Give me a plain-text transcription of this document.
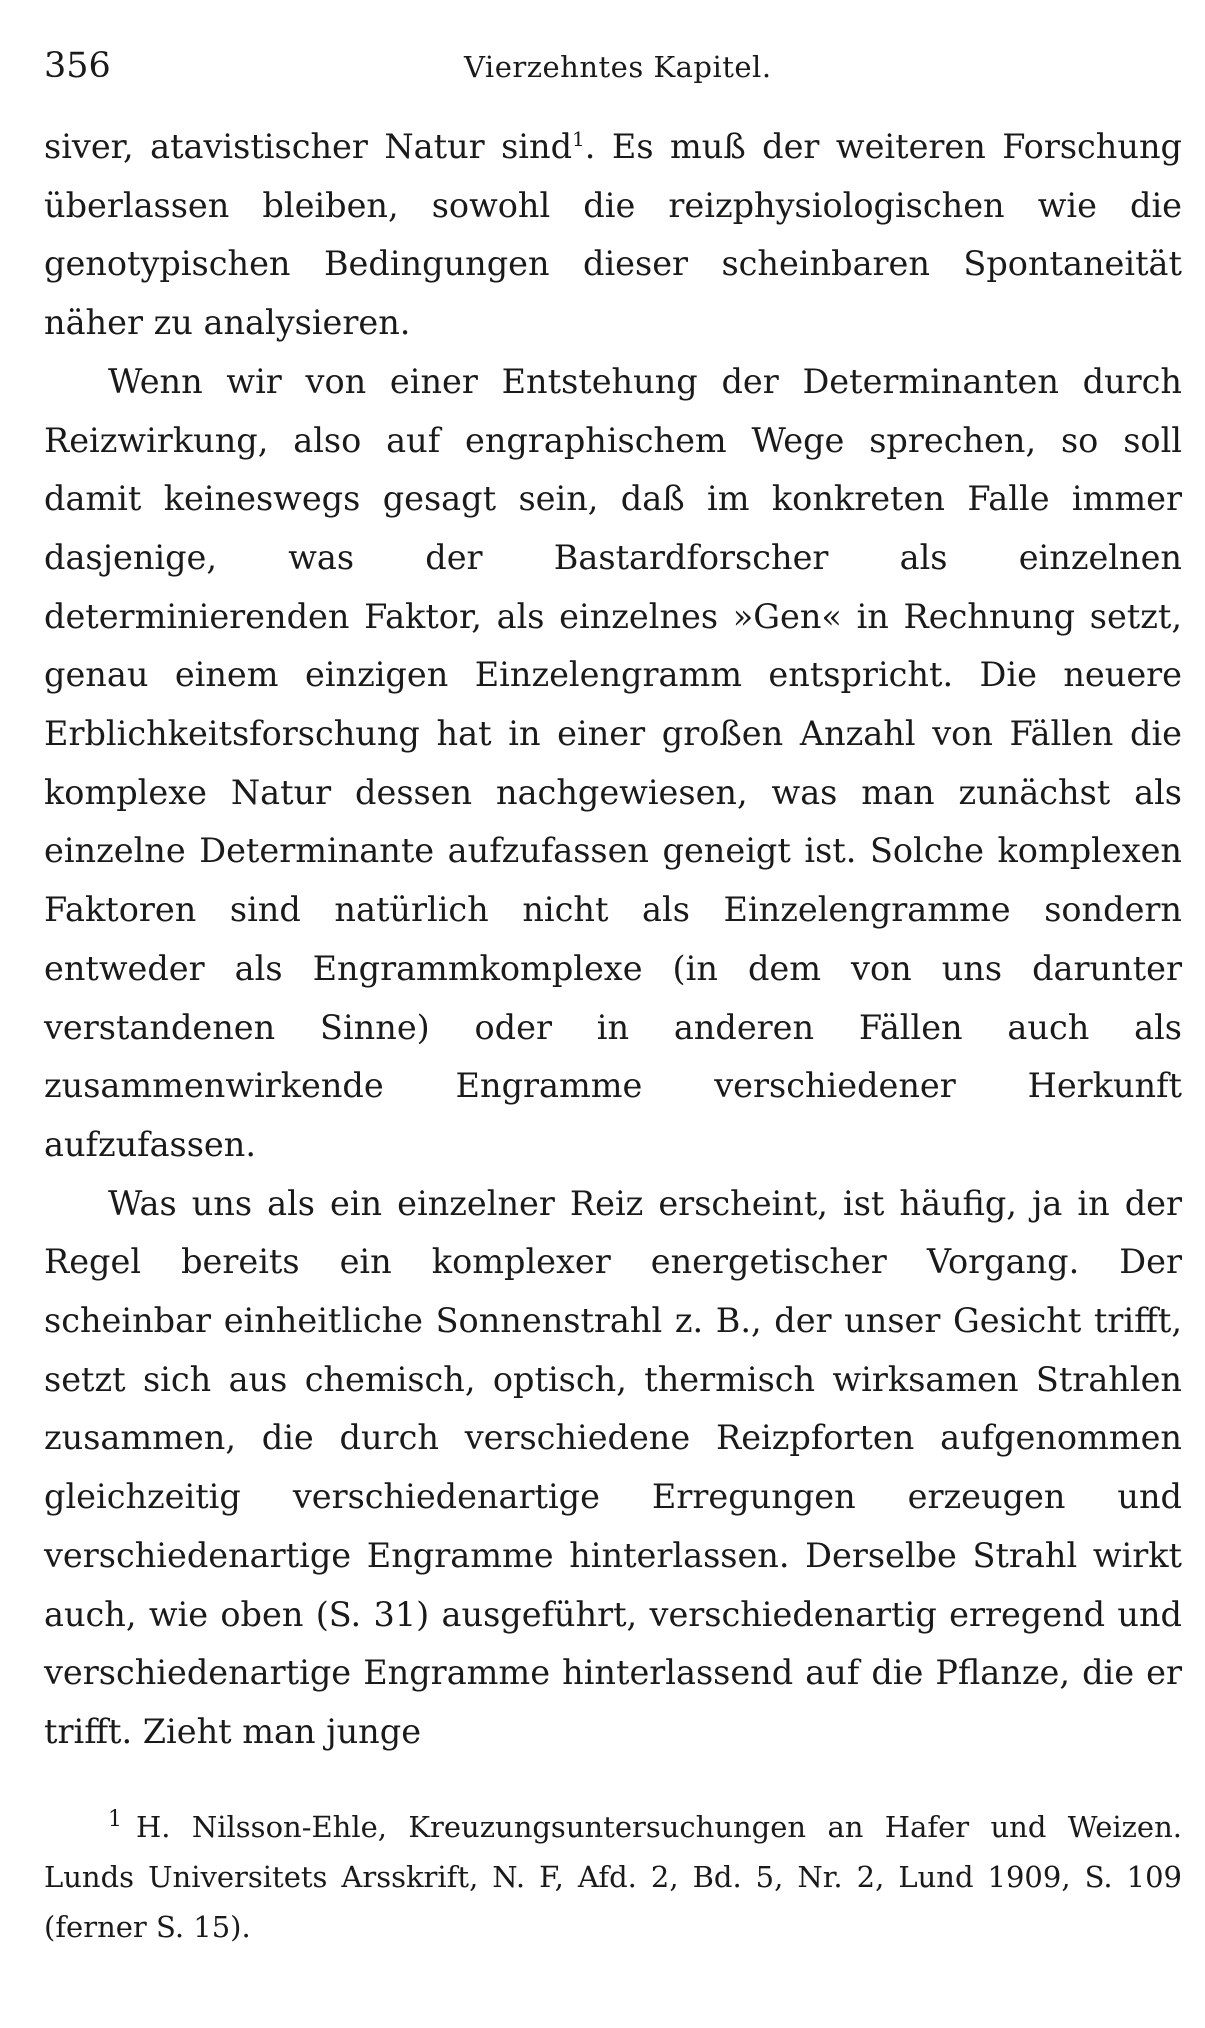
356	Vierzehntes Kapitel.

siver, atavistischer Natur sind$^1$. Es muß der weiteren Forschung überlassen bleiben, sowohl die reizphysiologischen wie die genotypischen Bedingungen dieser scheinbaren Spontaneität näher zu analysieren.

Wenn wir von einer Entstehung der Determinanten durch Reizwirkung, also auf engraphischem Wege sprechen, so soll damit keineswegs gesagt sein, daß im konkreten Falle immer dasjenige, was der Bastardforscher als einzelnen determinierenden Faktor, als einzelnes »Gen« in Rechnung setzt, genau einem einzigen Einzelengramm entspricht. Die neuere Erblichkeitsforschung hat in einer großen Anzahl von Fällen die komplexe Natur dessen nachgewiesen, was man zunächst als einzelne Determinante aufzufassen geneigt ist. Solche komplexen Faktoren sind natürlich nicht als Einzelengramme sondern entweder als Engrammkomplexe (in dem von uns darunter verstandenen Sinne) oder in anderen Fällen auch als zusammenwirkende Engramme verschiedener Herkunft aufzufassen.

Was uns als ein einzelner Reiz erscheint, ist häufig, ja in der Regel bereits ein komplexer energetischer Vorgang. Der scheinbar einheitliche Sonnenstrahl z. B., der unser Gesicht trifft, setzt sich aus chemisch, optisch, thermisch wirksamen Strahlen zusammen, die durch verschiedene Reizpforten aufgenommen gleichzeitig verschiedenartige Erregungen erzeugen und verschiedenartige Engramme hinterlassen. Derselbe Strahl wirkt auch, wie oben (S. 31) ausgeführt, verschiedenartig erregend und verschiedenartige Engramme hinterlassend auf die Pflanze, die er trifft. Zieht man junge

$^1$ H. Nilsson-Ehle, Kreuzungsuntersuchungen an Hafer und Weizen. Lunds Universitets Arsskrift, N. F, Afd. 2, Bd. 5, Nr. 2, Lund 1909, S. 109 (ferner S. 15).
